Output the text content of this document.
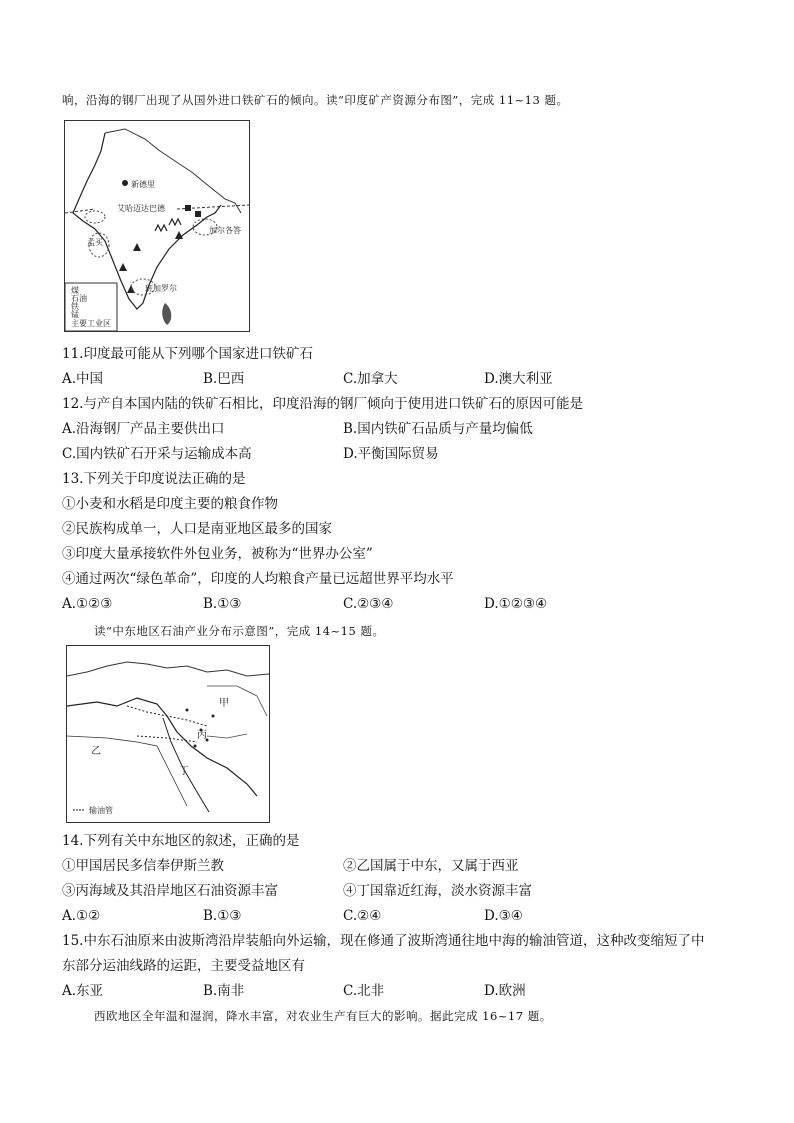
响，沿海的钢厂出现了从国外进口铁矿石的倾向。读“印度矿产资源分布图”，完成 11~13 题。
新德里
艾哈迈达巴德
加尔各答
孟买
班加罗尔
煤
石油
铁
锰
主要工业区
11.印度最可能从下列哪个国家进口铁矿石
A.中国	B.巴西	C.加拿大	D.澳大利亚
12.与产自本国内陆的铁矿石相比，印度沿海的钢厂倾向于使用进口铁矿石的原因可能是
A.沿海钢厂产品主要供出口	B.国内铁矿石品质与产量均偏低
C.国内铁矿石开采与运输成本高	D.平衡国际贸易
13.下列关于印度说法正确的是
①小麦和水稻是印度主要的粮食作物
②民族构成单一，人口是南亚地区最多的国家
③印度大量承接软件外包业务，被称为“世界办公室”
④通过两次“绿色革命”，印度的人均粮食产量已远超世界平均水平
A.①②③	B.①③	C.②③④	D.①②③④
读“中东地区石油产业分布示意图”，完成 14~15 题。
甲
乙
丙
丁
输油管
14.下列有关中东地区的叙述，正确的是
①甲国居民多信奉伊斯兰教	②乙国属于中东，又属于西亚
③丙海域及其沿岸地区石油资源丰富	④丁国靠近红海，淡水资源丰富
A.①②	B.①③	C.②④	D.③④
15.中东石油原来由波斯湾沿岸装船向外运输，现在修通了波斯湾通往地中海的输油管道，这种改变缩短了中
东部分运油线路的运距，主要受益地区有
A.东亚	B.南非	C.北非	D.欧洲
西欧地区全年温和湿润，降水丰富，对农业生产有巨大的影响。据此完成 16~17 题。
